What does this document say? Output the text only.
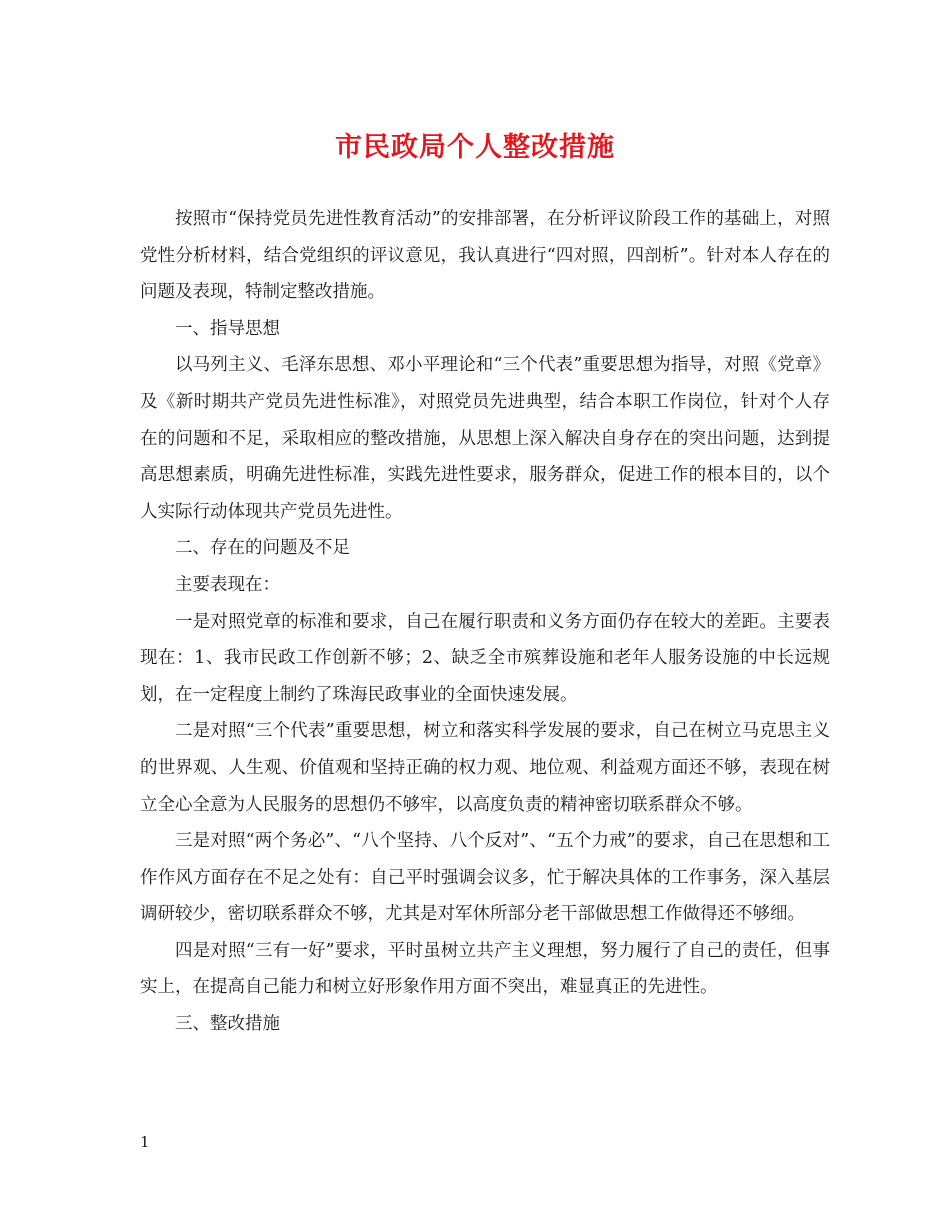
市民政局个人整改措施

按照市“保持党员先进性教育活动”的安排部署，在分析评议阶段工作的基础上，对照党性分析材料，结合党组织的评议意见，我认真进行“四对照，四剖析”。针对本人存在的问题及表现，特制定整改措施。

一、指导思想

以马列主义、毛泽东思想、邓小平理论和“三个代表”重要思想为指导，对照《党章》及《新时期共产党员先进性标准》，对照党员先进典型，结合本职工作岗位，针对个人存在的问题和不足，采取相应的整改措施，从思想上深入解决自身存在的突出问题，达到提高思想素质，明确先进性标准，实践先进性要求，服务群众，促进工作的根本目的，以个人实际行动体现共产党员先进性。

二、存在的问题及不足

主要表现在：

一是对照党章的标准和要求，自己在履行职责和义务方面仍存在较大的差距。主要表现在：1、我市民政工作创新不够；2、缺乏全市殡葬设施和老年人服务设施的中长远规划，在一定程度上制约了珠海民政事业的全面快速发展。

二是对照“三个代表”重要思想，树立和落实科学发展的要求，自己在树立马克思主义的世界观、人生观、价值观和坚持正确的权力观、地位观、利益观方面还不够，表现在树立全心全意为人民服务的思想仍不够牢，以高度负责的精神密切联系群众不够。

三是对照“两个务必”、“八个坚持、八个反对”、“五个力戒”的要求，自己在思想和工作作风方面存在不足之处有：自己平时强调会议多，忙于解决具体的工作事务，深入基层调研较少，密切联系群众不够，尤其是对军休所部分老干部做思想工作做得还不够细。

四是对照“三有一好”要求，平时虽树立共产主义理想，努力履行了自己的责任，但事实上，在提高自己能力和树立好形象作用方面不突出，难显真正的先进性。

三、整改措施

1
